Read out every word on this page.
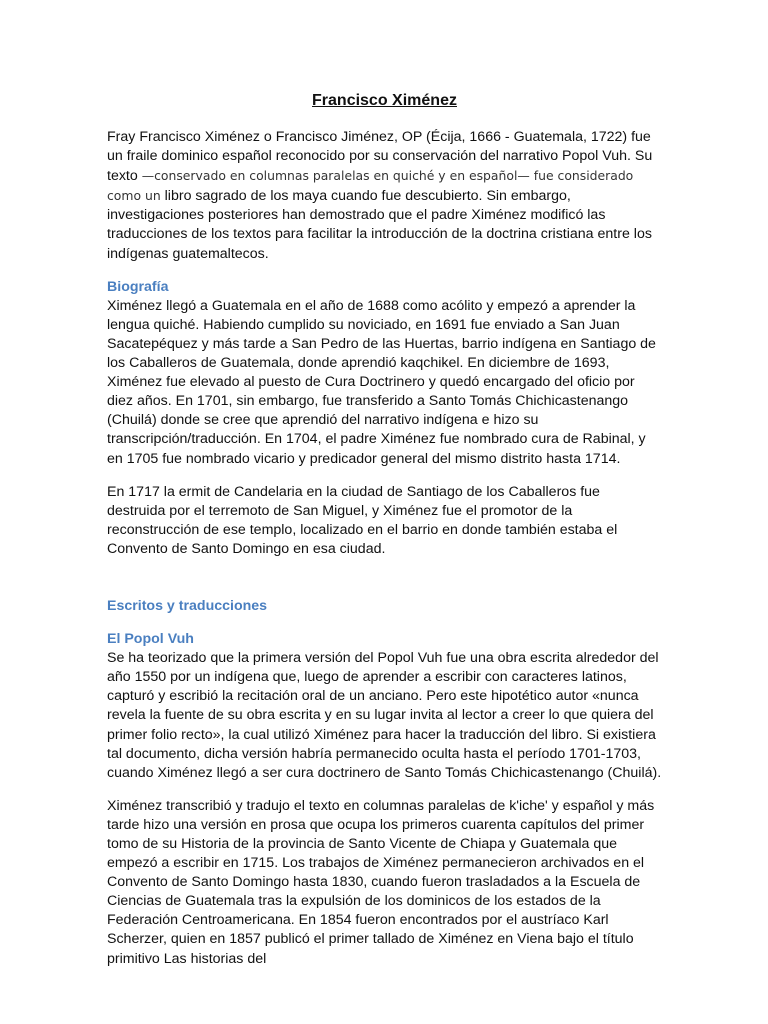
Francisco Ximénez

Fray Francisco Ximénez o Francisco Jiménez, OP (Écija, 1666 - Guatemala, 1722) fue un fraile dominico español reconocido por su conservación del narrativo Popol Vuh. Su texto —conservado en columnas paralelas en quiché y en español— fue considerado como un libro sagrado de los maya cuando fue descubierto. Sin embargo, investigaciones posteriores han demostrado que el padre Ximénez modificó las traducciones de los textos para facilitar la introducción de la doctrina cristiana entre los indígenas guatemaltecos.

Biografía

Ximénez llegó a Guatemala en el año de 1688 como acólito y empezó a aprender la lengua quiché. Habiendo cumplido su noviciado, en 1691 fue enviado a San Juan Sacatepéquez y más tarde a San Pedro de las Huertas, barrio indígena en Santiago de los Caballeros de Guatemala, donde aprendió kaqchikel. En diciembre de 1693, Ximénez fue elevado al puesto de Cura Doctrinero y quedó encargado del oficio por diez años. En 1701, sin embargo, fue transferido a Santo Tomás Chichicastenango (Chuilá) donde se cree que aprendió del narrativo indígena e hizo su transcripción/traducción. En 1704, el padre Ximénez fue nombrado cura de Rabinal, y en 1705 fue nombrado vicario y predicador general del mismo distrito hasta 1714.

En 1717 la ermit de Candelaria en la ciudad de Santiago de los Caballeros fue destruida por el terremoto de San Miguel, y Ximénez fue el promotor de la reconstrucción de ese templo, localizado en el barrio en donde también estaba el Convento de Santo Domingo en esa ciudad.

Escritos y traducciones
El Popol Vuh

Se ha teorizado que la primera versión del Popol Vuh fue una obra escrita alrededor del año 1550 por un indígena que, luego de aprender a escribir con caracteres latinos, capturó y escribió la recitación oral de un anciano. Pero este hipotético autor «nunca revela la fuente de su obra escrita y en su lugar invita al lector a creer lo que quiera del primer folio recto», la cual utilizó Ximénez para hacer la traducción del libro. Si existiera tal documento, dicha versión habría permanecido oculta hasta el período 1701-1703, cuando Ximénez llegó a ser cura doctrinero de Santo Tomás Chichicastenango (Chuilá).

Ximénez transcribió y tradujo el texto en columnas paralelas de k'iche' y español y más tarde hizo una versión en prosa que ocupa los primeros cuarenta capítulos del primer tomo de su Historia de la provincia de Santo Vicente de Chiapa y Guatemala que empezó a escribir en 1715. Los trabajos de Ximénez permanecieron archivados en el Convento de Santo Domingo hasta 1830, cuando fueron trasladados a la Escuela de Ciencias de Guatemala tras la expulsión de los dominicos de los estados de la Federación Centroamericana. En 1854 fueron encontrados por el austríaco Karl Scherzer, quien en 1857 publicó el primer tallado de Ximénez en Viena bajo el título primitivo Las historias del
